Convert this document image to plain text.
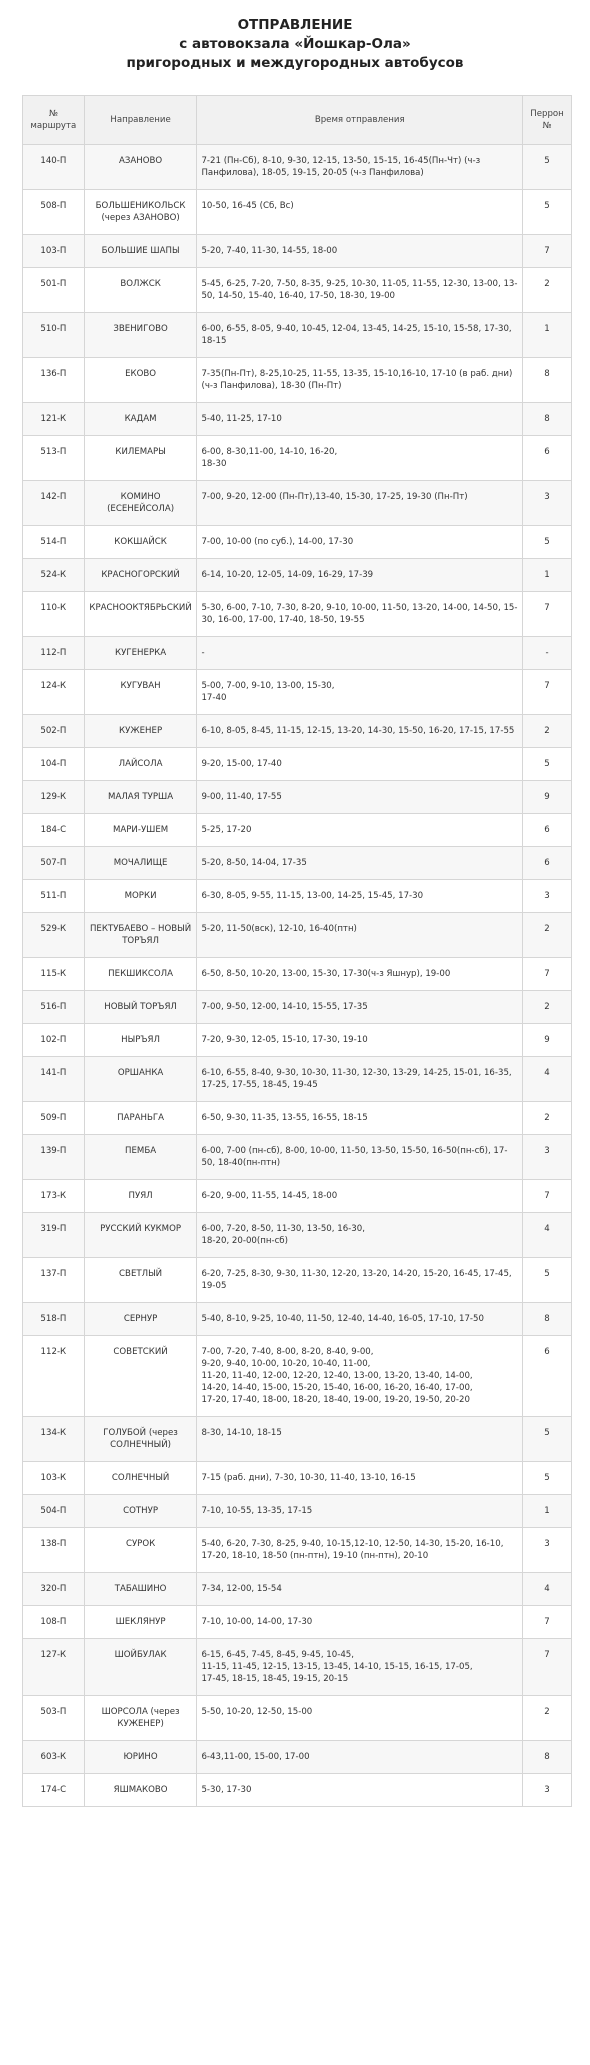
ОТПРАВЛЕНИЕ
с автовокзала «Йошкар-Ола»
пригородных и междугородных автобусов
№ маршрута	Направление	Время отправления	Перрон №
140-П	АЗАНОВО	7-21 (Пн-Сб), 8-10, 9-30, 12-15, 13-50, 15-15, 16-45(Пн-Чт) (ч-з Панфилова), 18-05, 19-15, 20-05 (ч-з Панфилова)	5
508-П	БОЛЬШЕНИКОЛЬСК (через АЗАНОВО)	10-50, 16-45 (Сб, Вс)	5
103-П	БОЛЬШИЕ ШАПЫ	5-20, 7-40, 11-30, 14-55, 18-00	7
501-П	ВОЛЖСК	5-45, 6-25, 7-20, 7-50, 8-35, 9-25, 10-30, 11-05, 11-55, 12-30, 13-00, 13-50, 14-50, 15-40, 16-40, 17-50, 18-30, 19-00	2
510-П	ЗВЕНИГОВО	6-00, 6-55, 8-05, 9-40, 10-45, 12-04, 13-45, 14-25, 15-10, 15-58, 17-30, 18-15	1
136-П	ЕКОВО	7-35(Пн-Пт), 8-25,10-25, 11-55, 13-35, 15-10,16-10, 17-10 (в раб. дни)(ч-з Панфилова), 18-30 (Пн-Пт)	8
121-К	КАДАМ	5-40, 11-25, 17-10	8
513-П	КИЛЕМАРЫ	6-00, 8-30,11-00, 14-10, 16-20,
18-30	6
142-П	КОМИНО (ЕСЕНЕЙСОЛА)	7-00, 9-20, 12-00 (Пн-Пт),13-40, 15-30, 17-25, 19-30 (Пн-Пт)	3
514-П	КОКШАЙСК	7-00, 10-00 (по суб.), 14-00, 17-30	5
524-К	КРАСНОГОРСКИЙ	6-14, 10-20, 12-05, 14-09, 16-29, 17-39	1
110-К	КРАСНООКТЯБРЬСКИЙ	5-30, 6-00, 7-10, 7-30, 8-20, 9-10, 10-00, 11-50, 13-20, 14-00, 14-50, 15-30, 16-00, 17-00, 17-40, 18-50, 19-55	7
112-П	КУГЕНЕРКА	-	-
124-К	КУГУВАН	5-00, 7-00, 9-10, 13-00, 15-30,
17-40	7
502-П	КУЖЕНЕР	6-10, 8-05, 8-45, 11-15, 12-15, 13-20, 14-30, 15-50, 16-20, 17-15, 17-55	2
104-П	ЛАЙСОЛА	9-20, 15-00, 17-40	5
129-К	МАЛАЯ ТУРША	9-00, 11-40, 17-55	9
184-С	МАРИ-УШЕМ	5-25, 17-20	6
507-П	МОЧАЛИЩЕ	5-20, 8-50, 14-04, 17-35	6
511-П	МОРКИ	6-30, 8-05, 9-55, 11-15, 13-00, 14-25, 15-45, 17-30	3
529-К	ПЕКТУБАЕВО – НОВЫЙ ТОРЪЯЛ	5-20, 11-50(вск), 12-10, 16-40(птн)	2
115-К	ПЕКШИКСОЛА	6-50, 8-50, 10-20, 13-00, 15-30, 17-30(ч-з Яшнур), 19-00	7
516-П	НОВЫЙ ТОРЪЯЛ	7-00, 9-50, 12-00, 14-10, 15-55, 17-35	2
102-П	НЫРЪЯЛ	7-20, 9-30, 12-05, 15-10, 17-30, 19-10	9
141-П	ОРШАНКА	6-10, 6-55, 8-40, 9-30, 10-30, 11-30, 12-30, 13-29, 14-25, 15-01, 16-35, 17-25, 17-55, 18-45, 19-45	4
509-П	ПАРАНЬГА	6-50, 9-30, 11-35, 13-55, 16-55, 18-15	2
139-П	ПЕМБА	6-00, 7-00 (пн-сб), 8-00, 10-00, 11-50, 13-50, 15-50, 16-50(пн-сб), 17-50, 18-40(пн-птн)	3
173-К	ПУЯЛ	6-20, 9-00, 11-55, 14-45, 18-00	7
319-П	РУССКИЙ КУКМОР	6-00, 7-20, 8-50, 11-30, 13-50, 16-30,
18-20, 20-00(пн-сб)	4
137-П	СВЕТЛЫЙ	6-20, 7-25, 8-30, 9-30, 11-30, 12-20, 13-20, 14-20, 15-20, 16-45, 17-45, 19-05	5
518-П	СЕРНУР	5-40, 8-10, 9-25, 10-40, 11-50, 12-40, 14-40, 16-05, 17-10, 17-50	8
112-К	СОВЕТСКИЙ	7-00, 7-20, 7-40, 8-00, 8-20, 8-40, 9-00,
9-20, 9-40, 10-00, 10-20, 10-40, 11-00,
11-20, 11-40, 12-00, 12-20, 12-40, 13-00, 13-20, 13-40, 14-00,
14-20, 14-40, 15-00, 15-20, 15-40, 16-00, 16-20, 16-40, 17-00,
17-20, 17-40, 18-00, 18-20, 18-40, 19-00, 19-20, 19-50, 20-20	6
134-К	ГОЛУБОЙ (через СОЛНЕЧНЫЙ)	8-30, 14-10, 18-15	5
103-К	СОЛНЕЧНЫЙ	7-15 (раб. дни), 7-30, 10-30, 11-40, 13-10, 16-15	5
504-П	СОТНУР	7-10, 10-55, 13-35, 17-15	1
138-П	СУРОК	5-40, 6-20, 7-30, 8-25, 9-40, 10-15,12-10, 12-50, 14-30, 15-20, 16-10, 17-20, 18-10, 18-50 (пн-птн), 19-10 (пн-птн), 20-10	3
320-П	ТАБАШИНО	7-34, 12-00, 15-54	4
108-П	ШЕКЛЯНУР	7-10, 10-00, 14-00, 17-30	7
127-К	ШОЙБУЛАК	6-15, 6-45, 7-45, 8-45, 9-45, 10-45,
11-15, 11-45, 12-15, 13-15, 13-45, 14-10, 15-15, 16-15, 17-05,
17-45, 18-15, 18-45, 19-15, 20-15	7
503-П	ШОРСОЛА (через КУЖЕНЕР)	5-50, 10-20, 12-50, 15-00	2
603-К	ЮРИНО	6-43,11-00, 15-00, 17-00	8
174-С	ЯШМАКОВО	5-30, 17-30	3
